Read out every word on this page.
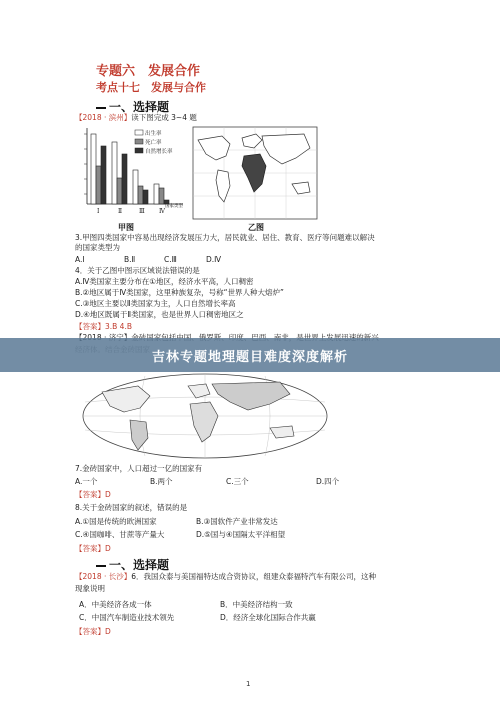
专题六　发展合作
考点十七　发展与合作
一、选择题
【2018 · 滨州】读下图完成 3~4 题
出生率
死亡率
自然增长率
Ⅰ	Ⅱ	Ⅲ Ⅳ
国家类型
甲图	乙图
3.甲图四类国家中容易出现经济发展压力大，居民就业、居住、教育、医疗等问题难以解决
的国家类型为
A.Ⅰ	B.Ⅱ	C.Ⅲ	D.Ⅳ
4．关于乙图中图示区域说法错误的是
A.Ⅳ类国家主要分布在①地区，经济水平高，人口稠密
B.②地区属于Ⅳ类国家，这里种族复杂，号称“世界人种大熔炉”
C.③地区主要以Ⅱ类国家为主，人口自然增长率高
D.④地区既属于Ⅱ类国家，也是世界人口稠密地区之
【答案】3.B 4.B
吉林专题地理题目难度深度解析
7.金砖国家中，人口超过一亿的国家有
A.一个	B.两个	C.三个	D.四个
【答案】D
8.关于金砖国家的叙述，错误的是
A.①国是传统的欧洲国家	B.③国软件产业非常发达
C.④国咖啡、甘蔗等产量大	D.⑤国与④国隔太平洋相望
【答案】D
一、选择题
【2018 · 长沙】6．我国众泰与美国福特达成合资协议，组建众泰福特汽车有限公司，这种
现象说明
A．中美经济各成一体	B．中美经济结构一致
C．中国汽车制造业技术领先	D．经济全球化国际合作共赢
【答案】D
1
